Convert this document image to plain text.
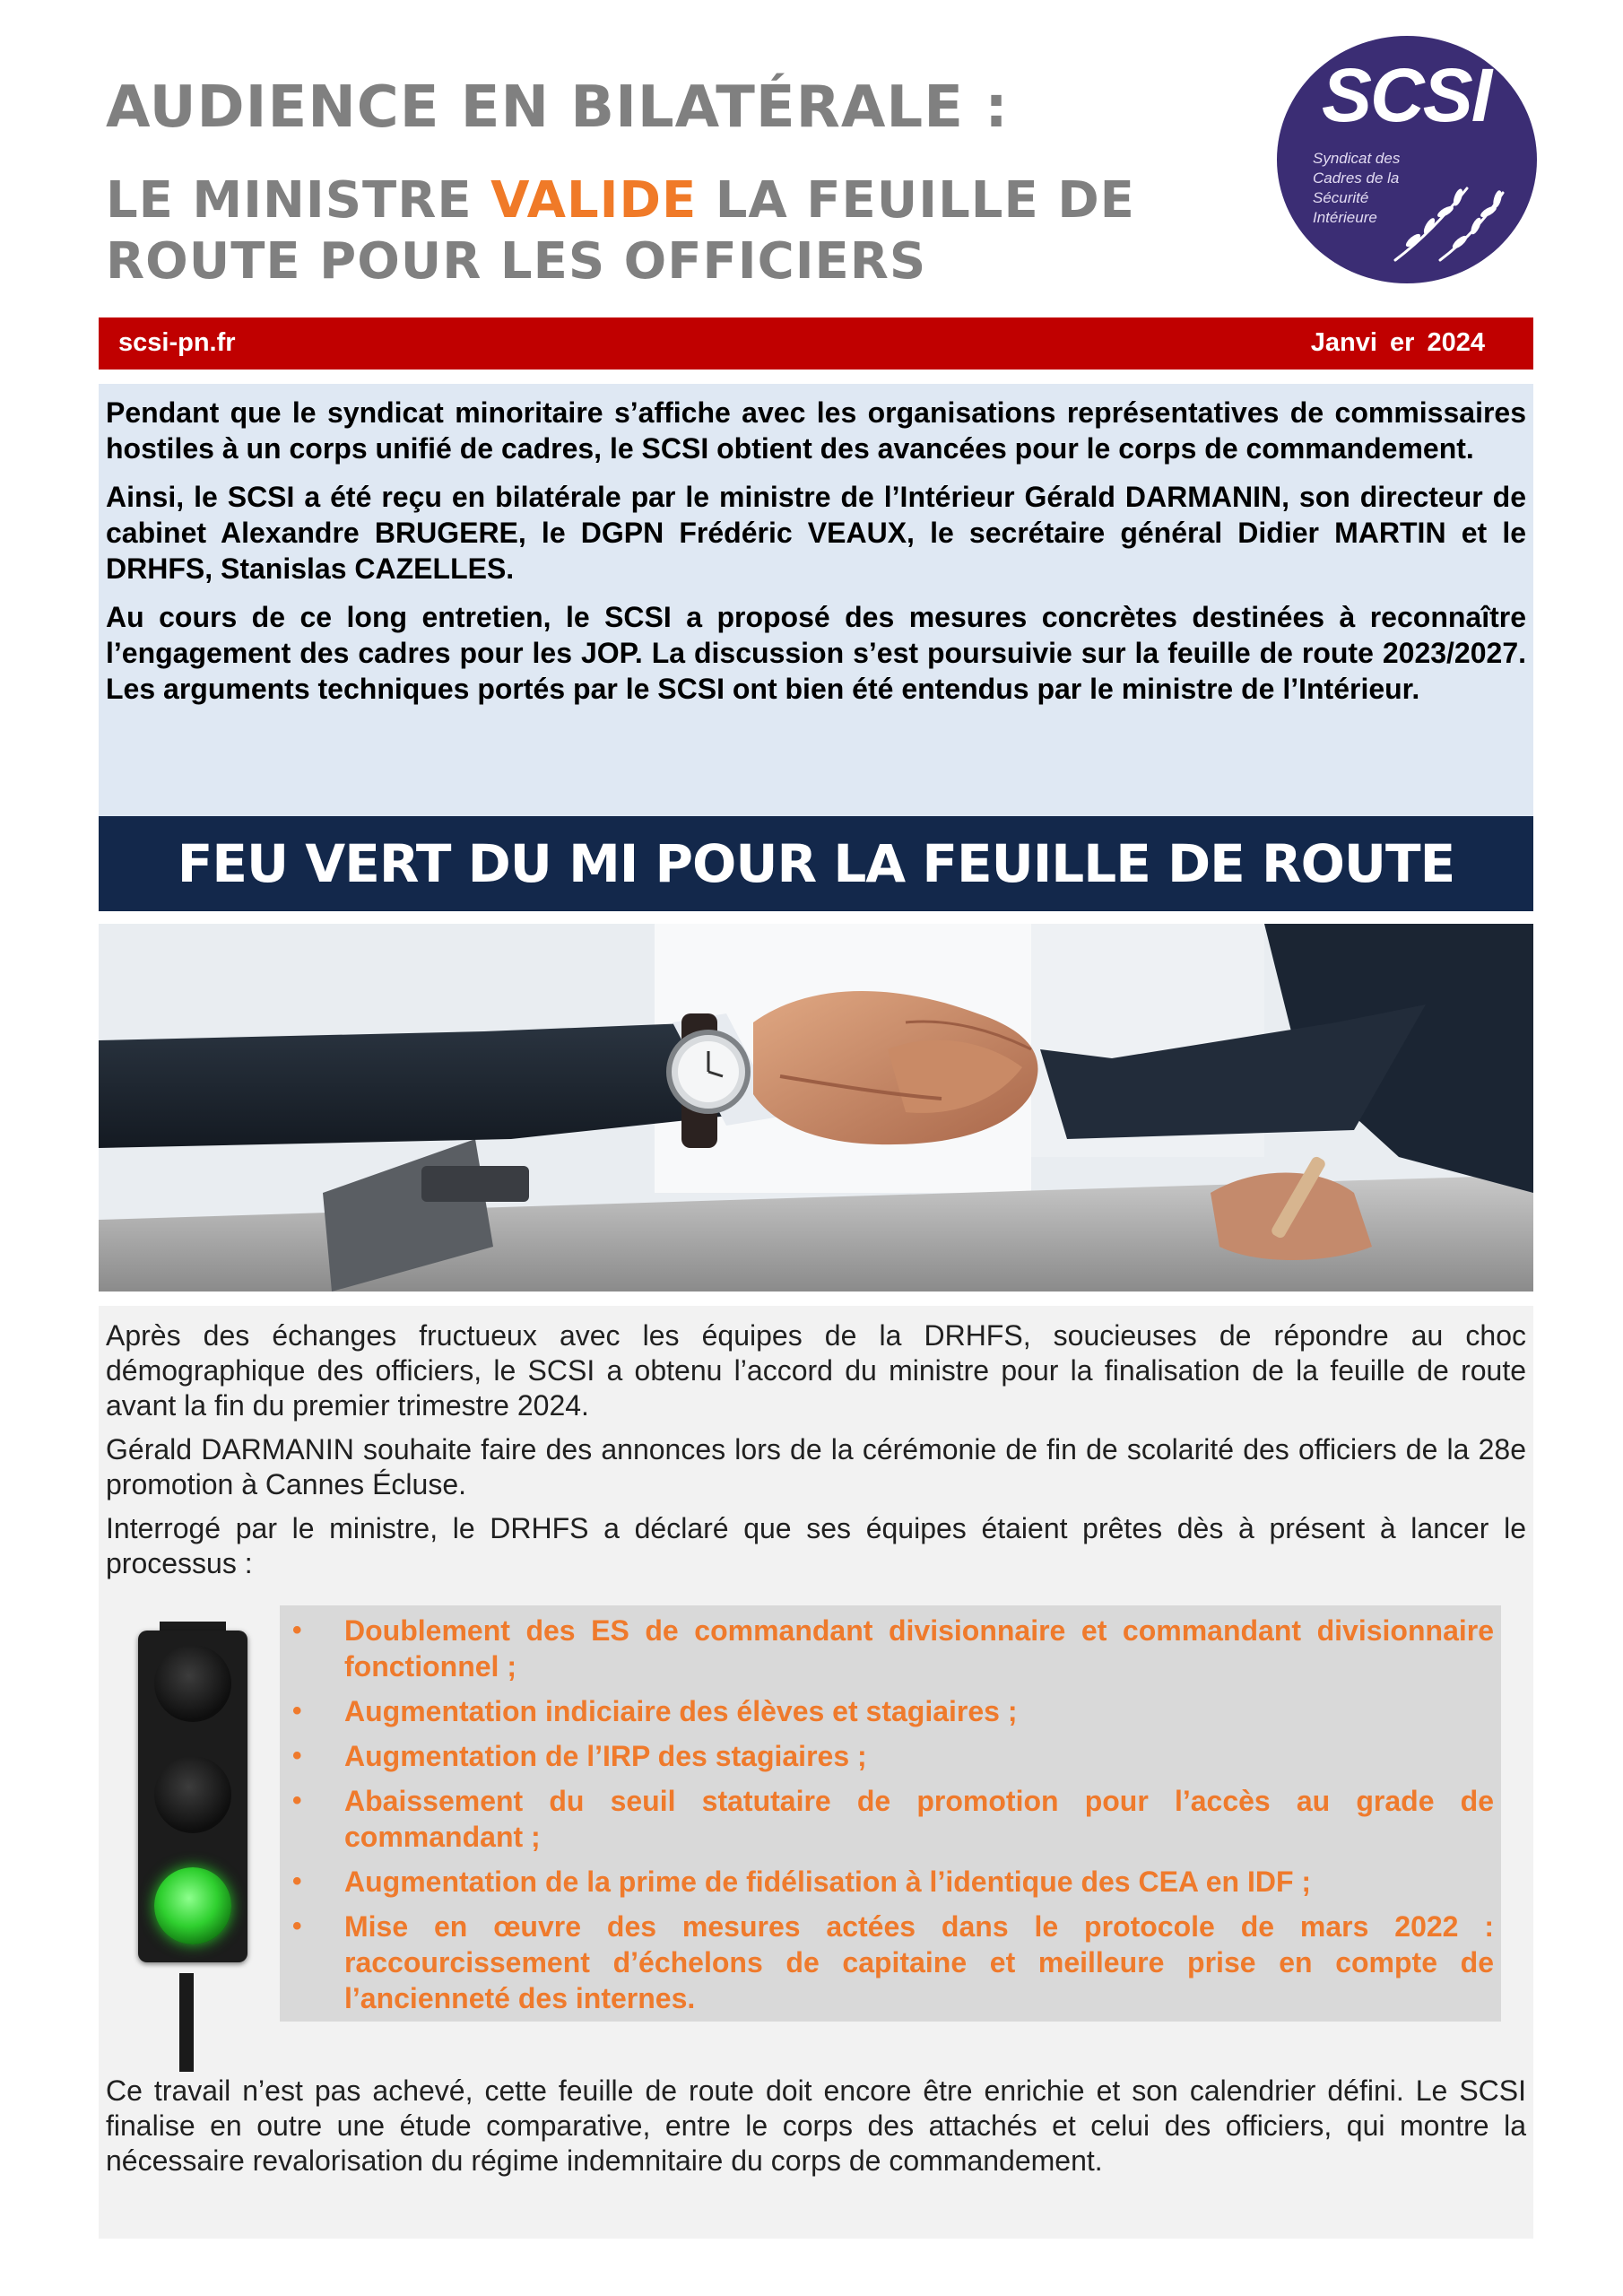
AUDIENCE EN BILATÉRALE :
LE MINISTRE VALIDE LA FEUILLE DE ROUTE POUR LES OFFICIERS
SCSI
Syndicat des
Cadres de la
Sécurité
Intérieure
scsi-pn.fr	Janvi er 2024

Pendant que le syndicat minoritaire s’affiche avec les organisations représentatives de commissaires hostiles à un corps unifié de cadres, le SCSI obtient des avancées pour le corps de commandement.

Ainsi, le SCSI a été reçu en bilatérale par le ministre de l’Intérieur Gérald DARMANIN, son directeur de cabinet Alexandre BRUGERE, le DGPN Frédéric VEAUX, le secrétaire général Didier MARTIN et le DRHFS, Stanislas CAZELLES.

Au cours de ce long entretien, le SCSI a proposé des mesures concrètes destinées à reconnaître l’engagement des cadres pour les JOP. La discussion s’est poursuivie sur la feuille de route 2023/2027. Les arguments techniques portés par le SCSI ont bien été entendus par le ministre de l’Intérieur.

FEU VERT DU MI POUR LA FEUILLE DE ROUTE

Après des échanges fructueux avec les équipes de la DRHFS, soucieuses de répondre au choc démographique des officiers, le SCSI a obtenu l’accord du ministre pour la finalisation de la feuille de route avant la fin du premier trimestre 2024.

Gérald DARMANIN souhaite faire des annonces lors de la cérémonie de fin de scolarité des officiers de la 28e promotion à Cannes Écluse.

Interrogé par le ministre, le DRHFS a déclaré que ses équipes étaient prêtes dès à présent à lancer le processus :

Ce travail n’est pas achevé, cette feuille de route doit encore être enrichie et son calendrier défini. Le SCSI finalise en outre une étude comparative, entre le corps des attachés et celui des officiers, qui montre la nécessaire revalorisation du régime indemnitaire du corps de commandement.

• Doublement des ES de commandant divisionnaire et commandant divisionnaire fonctionnel ;
• Augmentation indiciaire des élèves et stagiaires ;
• Augmentation de l’IRP des stagiaires ;
• Abaissement du seuil statutaire de promotion pour l’accès au grade de commandant ;
• Augmentation de la prime de fidélisation à l’identique des CEA en IDF ;
• Mise en œuvre des mesures actées dans le protocole de mars 2022 : raccourcissement d’échelons de capitaine et meilleure prise en compte de l’ancienneté des internes.
